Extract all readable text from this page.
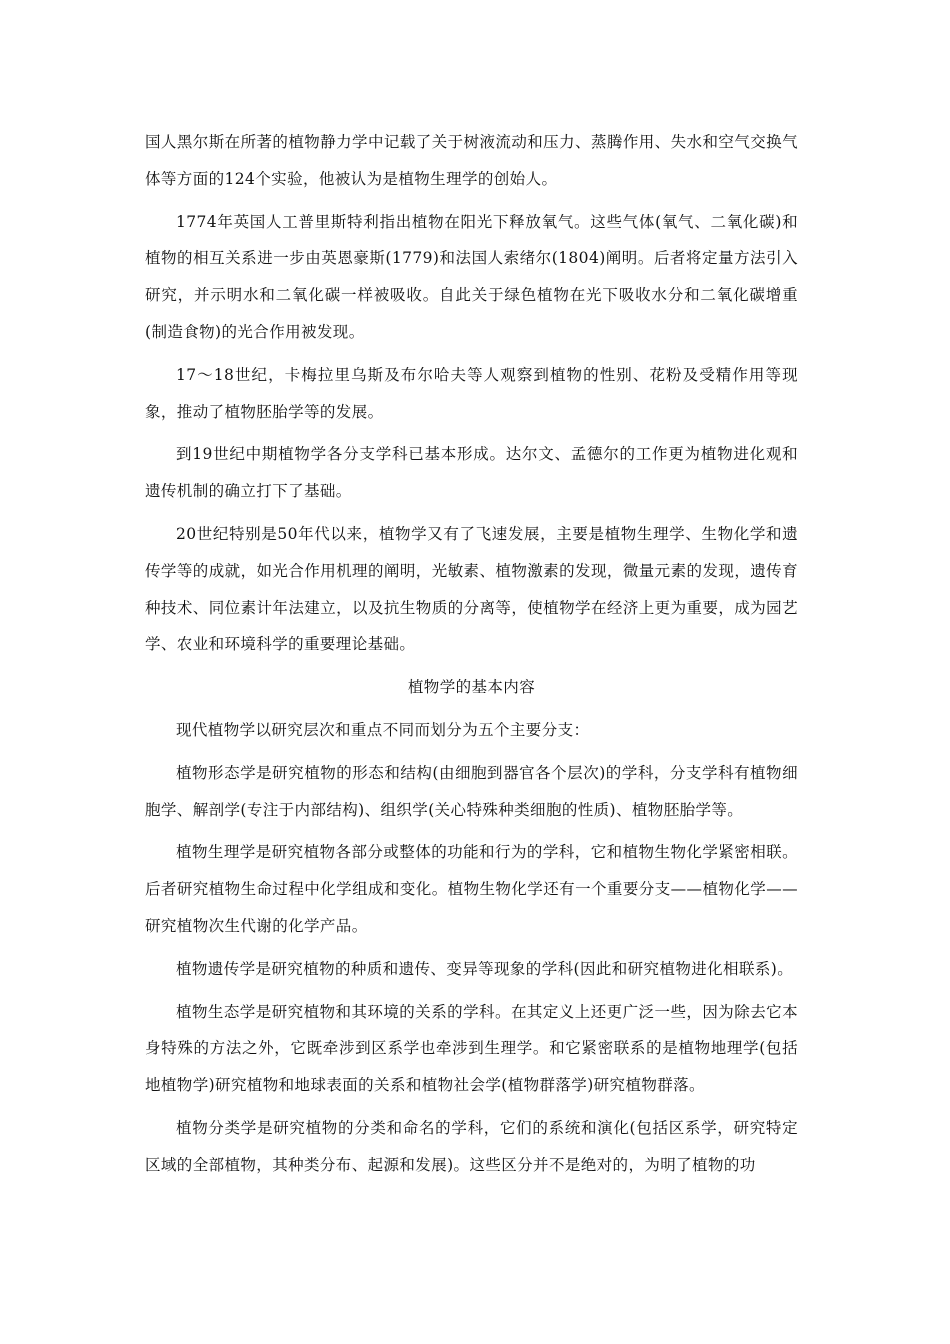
国人黑尔斯在所著的植物静力学中记载了关于树液流动和压力、蒸腾作用、失水和空气交换气体等方面的124个实验，他被认为是植物生理学的创始人。

1774年英国人工普里斯特利指出植物在阳光下释放氧气。这些气体(氧气、二氧化碳)和植物的相互关系进一步由英恩豪斯(1779)和法国人索绪尔(1804)阐明。后者将定量方法引入研究，并示明水和二氧化碳一样被吸收。自此关于绿色植物在光下吸收水分和二氧化碳增重(制造食物)的光合作用被发现。

17～18世纪，卡梅拉里乌斯及布尔哈夫等人观察到植物的性别、花粉及受精作用等现象，推动了植物胚胎学等的发展。

到19世纪中期植物学各分支学科已基本形成。达尔文、孟德尔的工作更为植物进化观和遗传机制的确立打下了基础。

20世纪特别是50年代以来，植物学又有了飞速发展，主要是植物生理学、生物化学和遗传学等的成就，如光合作用机理的阐明，光敏素、植物激素的发现，微量元素的发现，遗传育种技术、同位素计年法建立，以及抗生物质的分离等，使植物学在经济上更为重要，成为园艺学、农业和环境科学的重要理论基础。

植物学的基本内容

现代植物学以研究层次和重点不同而划分为五个主要分支：

植物形态学是研究植物的形态和结构(由细胞到器官各个层次)的学科，分支学科有植物细胞学、解剖学(专注于内部结构)、组织学(关心特殊种类细胞的性质)、植物胚胎学等。

植物生理学是研究植物各部分或整体的功能和行为的学科，它和植物生物化学紧密相联。后者研究植物生命过程中化学组成和变化。植物生物化学还有一个重要分支——植物化学——研究植物次生代谢的化学产品。

植物遗传学是研究植物的种质和遗传、变异等现象的学科(因此和研究植物进化相联系)。

植物生态学是研究植物和其环境的关系的学科。在其定义上还更广泛一些，因为除去它本身特殊的方法之外，它既牵涉到区系学也牵涉到生理学。和它紧密联系的是植物地理学(包括地植物学)研究植物和地球表面的关系和植物社会学(植物群落学)研究植物群落。

植物分类学是研究植物的分类和命名的学科，它们的系统和演化(包括区系学，研究特定区域的全部植物，其种类分布、起源和发展)。这些区分并不是绝对的，为明了植物的功
